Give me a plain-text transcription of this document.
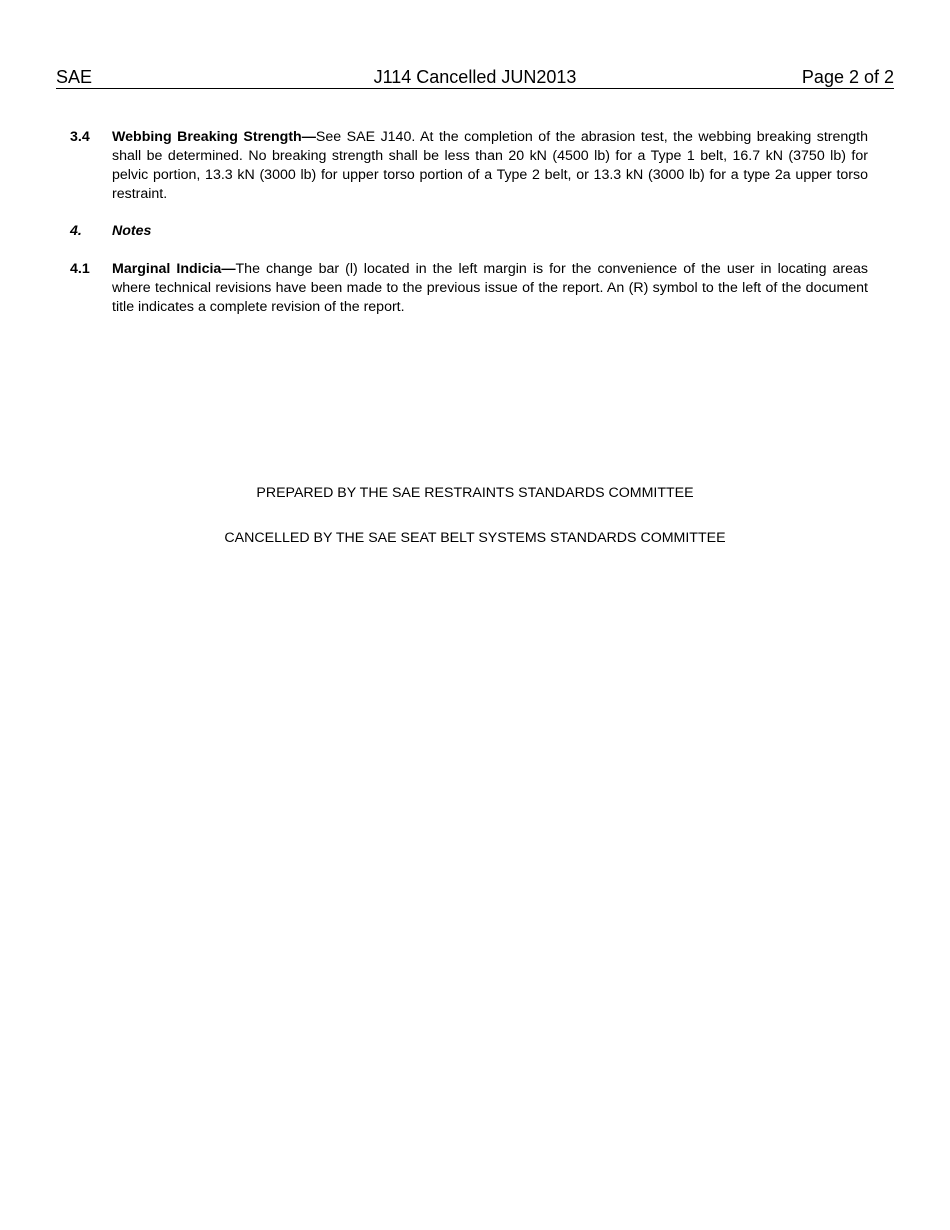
SAE	J114 Cancelled JUN2013	Page 2 of 2
3.4 Webbing Breaking Strength—See SAE J140. At the completion of the abrasion test, the webbing breaking strength shall be determined. No breaking strength shall be less than 20 kN (4500 lb) for a Type 1 belt, 16.7 kN (3750 lb) for pelvic portion, 13.3 kN (3000 lb) for upper torso portion of a Type 2 belt, or 13.3 kN (3000 lb) for a type 2a upper torso restraint.
4. Notes
4.1 Marginal Indicia—The change bar (l) located in the left margin is for the convenience of the user in locating areas where technical revisions have been made to the previous issue of the report. An (R) symbol to the left of the document title indicates a complete revision of the report.
PREPARED BY THE SAE RESTRAINTS STANDARDS COMMITTEE
CANCELLED BY THE SAE SEAT BELT SYSTEMS STANDARDS COMMITTEE
